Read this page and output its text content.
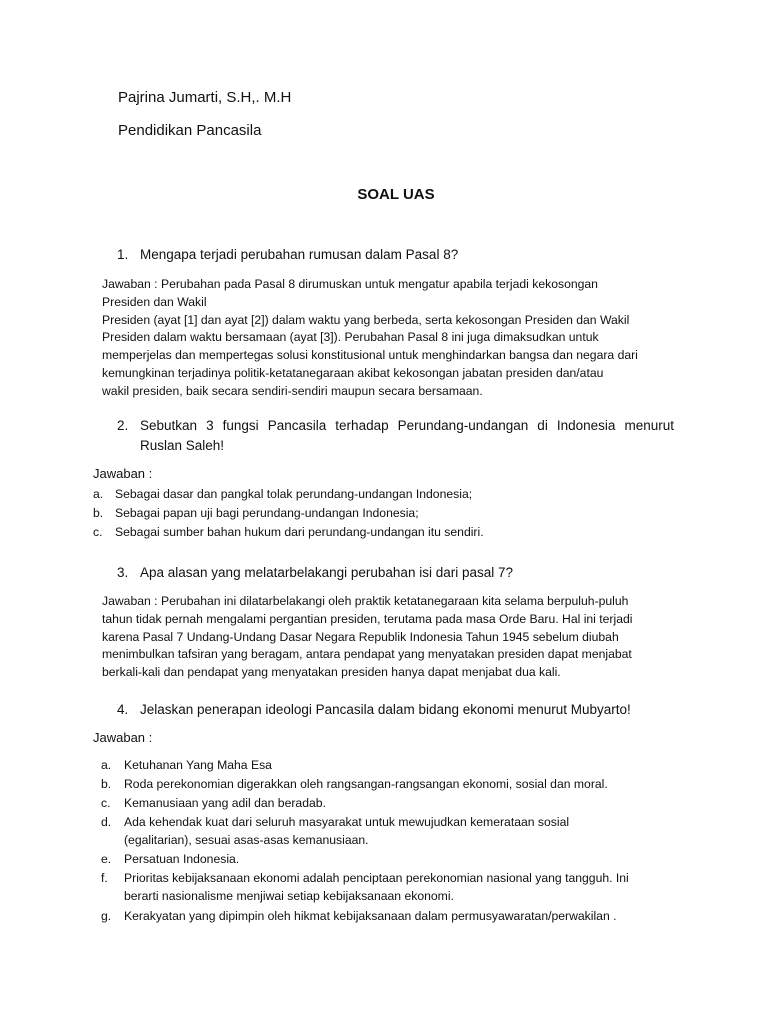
Pajrina Jumarti, S.H,. M.H
Pendidikan Pancasila
SOAL UAS
1. Mengapa terjadi perubahan rumusan dalam Pasal 8?
Jawaban : Perubahan pada Pasal 8 dirumuskan untuk mengatur apabila terjadi kekosongan
Presiden dan Wakil
Presiden (ayat [1] dan ayat [2]) dalam waktu yang berbeda, serta kekosongan Presiden dan Wakil
Presiden dalam waktu bersamaan (ayat [3]). Perubahan Pasal 8 ini juga dimaksudkan untuk
memperjelas dan mempertegas solusi konstitusional untuk menghindarkan bangsa dan negara dari
kemungkinan terjadinya politik-ketatanegaraan akibat kekosongan jabatan presiden dan/atau
wakil presiden, baik secara sendiri-sendiri maupun secara bersamaan.
2. Sebutkan 3 fungsi Pancasila terhadap Perundang-undangan di Indonesia menurut
Ruslan Saleh!
Jawaban :
a. Sebagai dasar dan pangkal tolak perundang-undangan Indonesia;
b. Sebagai papan uji bagi perundang-undangan Indonesia;
c. Sebagai sumber bahan hukum dari perundang-undangan itu sendiri.
3. Apa alasan yang melatarbelakangi perubahan isi dari pasal 7?
Jawaban : Perubahan ini dilatarbelakangi oleh praktik ketatanegaraan kita selama berpuluh-puluh
tahun tidak pernah mengalami pergantian presiden, terutama pada masa Orde Baru. Hal ini terjadi
karena Pasal 7 Undang-Undang Dasar Negara Republik Indonesia Tahun 1945 sebelum diubah
menimbulkan tafsiran yang beragam, antara pendapat yang menyatakan presiden dapat menjabat
berkali-kali dan pendapat yang menyatakan presiden hanya dapat menjabat dua kali.
4. Jelaskan penerapan ideologi Pancasila dalam bidang ekonomi menurut Mubyarto!
Jawaban :
a. Ketuhanan Yang Maha Esa
b. Roda perekonomian digerakkan oleh rangsangan-rangsangan ekonomi, sosial dan moral.
c. Kemanusiaan yang adil dan beradab.
d. Ada kehendak kuat dari seluruh masyarakat untuk mewujudkan kemerataan sosial
(egalitarian), sesuai asas-asas kemanusiaan.
e. Persatuan Indonesia.
f. Prioritas kebijaksanaan ekonomi adalah penciptaan perekonomian nasional yang tangguh. Ini
berarti nasionalisme menjiwai setiap kebijaksanaan ekonomi.
g. Kerakyatan yang dipimpin oleh hikmat kebijaksanaan dalam permusyawaratan/perwakilan .
